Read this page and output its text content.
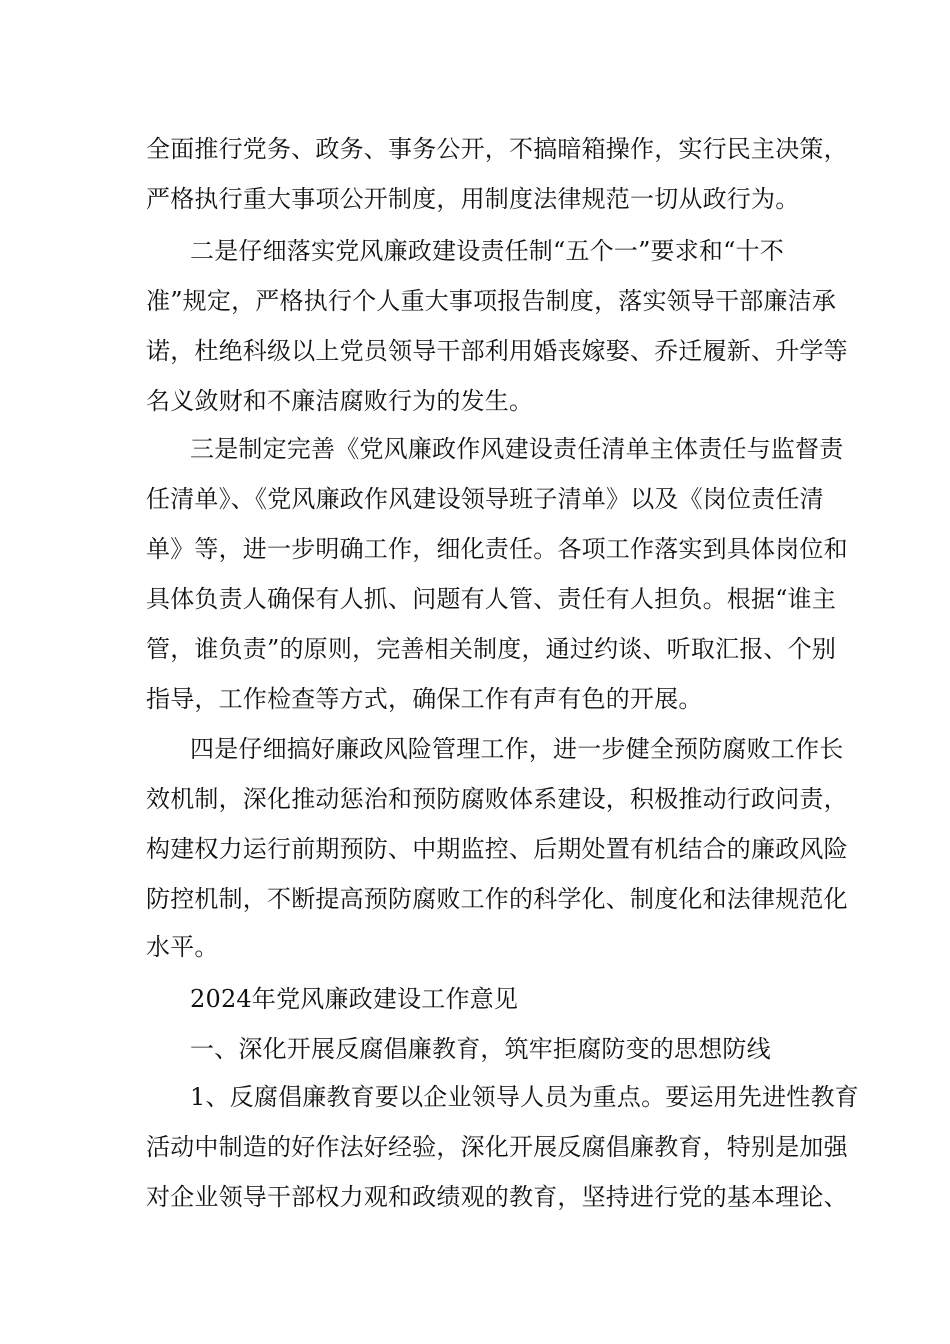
全面推行党务、政务、事务公开，不搞暗箱操作，实行民主决策，
严格执行重大事项公开制度，用制度法律规范一切从政行为。
二是仔细落实党风廉政建设责任制“五个一”要求和“十不
准”规定，严格执行个人重大事项报告制度，落实领导干部廉洁承
诺，杜绝科级以上党员领导干部利用婚丧嫁娶、乔迁履新、升学等
名义敛财和不廉洁腐败行为的发生。
三是制定完善《党风廉政作风建设责任清单主体责任与监督责
任清单》、《党风廉政作风建设领导班子清单》以及《岗位责任清
单》等，进一步明确工作，细化责任。各项工作落实到具体岗位和
具体负责人确保有人抓、问题有人管、责任有人担负。根据“谁主
管，谁负责”的原则，完善相关制度，通过约谈、听取汇报、个别
指导，工作检查等方式，确保工作有声有色的开展。
四是仔细搞好廉政风险管理工作，进一步健全预防腐败工作长
效机制，深化推动惩治和预防腐败体系建设，积极推动行政问责，
构建权力运行前期预防、中期监控、后期处置有机结合的廉政风险
防控机制，不断提高预防腐败工作的科学化、制度化和法律规范化
水平。
2024年党风廉政建设工作意见
一、深化开展反腐倡廉教育，筑牢拒腐防变的思想防线
1、反腐倡廉教育要以企业领导人员为重点。要运用先进性教育
活动中制造的好作法好经验，深化开展反腐倡廉教育，特别是加强
对企业领导干部权力观和政绩观的教育，坚持进行党的基本理论、
